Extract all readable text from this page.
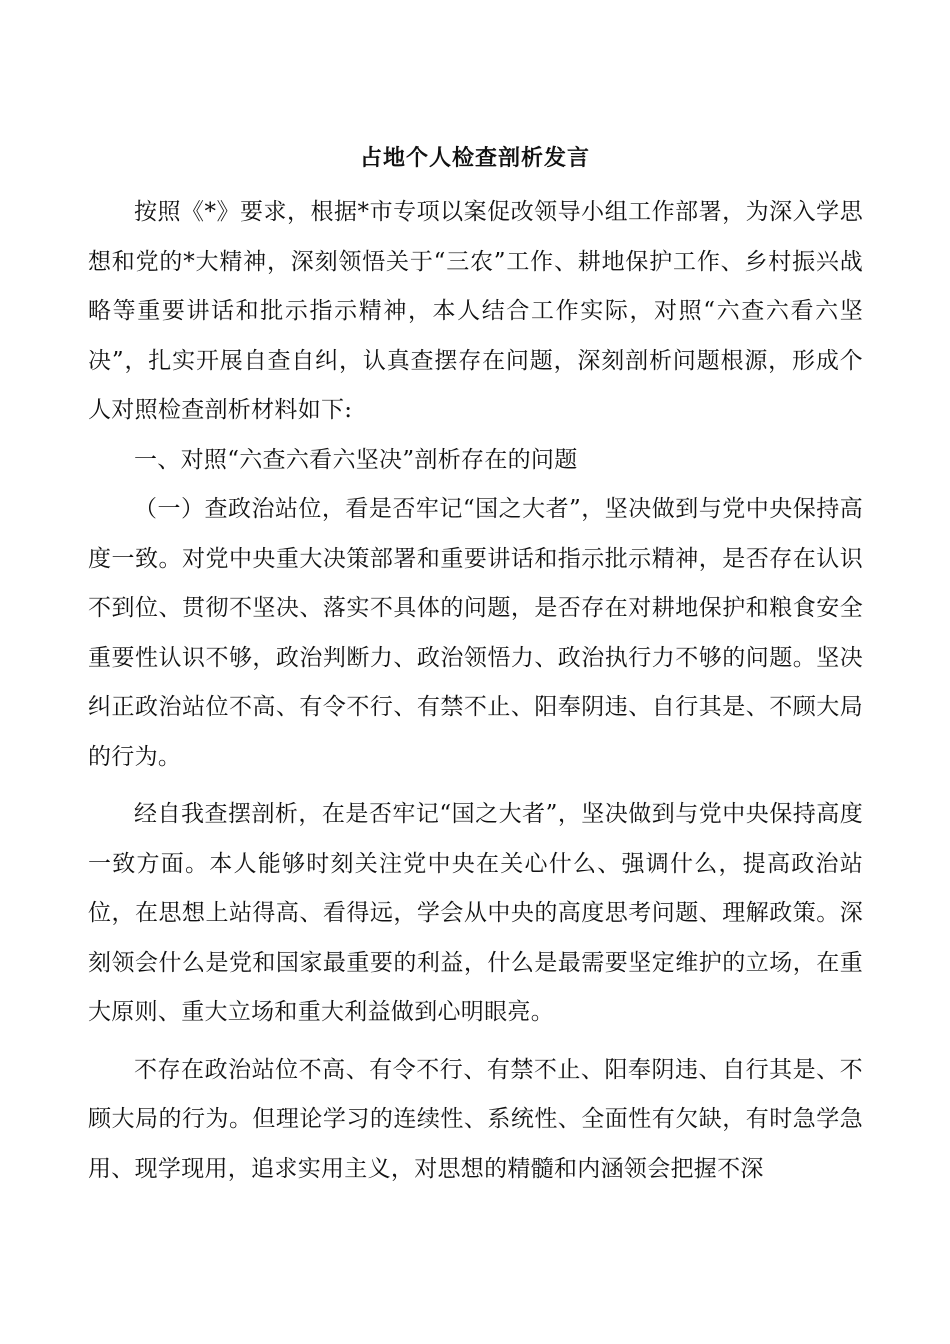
占地个人检查剖析发言

按照《*》要求，根据*市专项以案促改领导小组工作部署，为深入学思想和党的*大精神，深刻领悟关于“三农”工作、耕地保护工作、乡村振兴战略等重要讲话和批示指示精神，本人结合工作实际，对照“六查六看六坚决”，扎实开展自查自纠，认真查摆存在问题，深刻剖析问题根源，形成个人对照检查剖析材料如下:

一、对照“六查六看六坚决”剖析存在的问题

（一）查政治站位，看是否牢记“国之大者”，坚决做到与党中央保持高度一致。对党中央重大决策部署和重要讲话和指示批示精神，是否存在认识不到位、贯彻不坚决、落实不具体的问题，是否存在对耕地保护和粮食安全重要性认识不够，政治判断力、政治领悟力、政治执行力不够的问题。坚决纠正政治站位不高、有令不行、有禁不止、阳奉阴违、自行其是、不顾大局的行为。

经自我查摆剖析，在是否牢记“国之大者”，坚决做到与党中央保持高度一致方面。本人能够时刻关注党中央在关心什么、强调什么，提高政治站位，在思想上站得高、看得远，学会从中央的高度思考问题、理解政策。深刻领会什么是党和国家最重要的利益，什么是最需要坚定维护的立场，在重大原则、重大立场和重大利益做到心明眼亮。

不存在政治站位不高、有令不行、有禁不止、阳奉阴违、自行其是、不顾大局的行为。但理论学习的连续性、系统性、全面性有欠缺，有时急学急用、现学现用，追求实用主义，对思想的精髓和内涵领会把握不深
